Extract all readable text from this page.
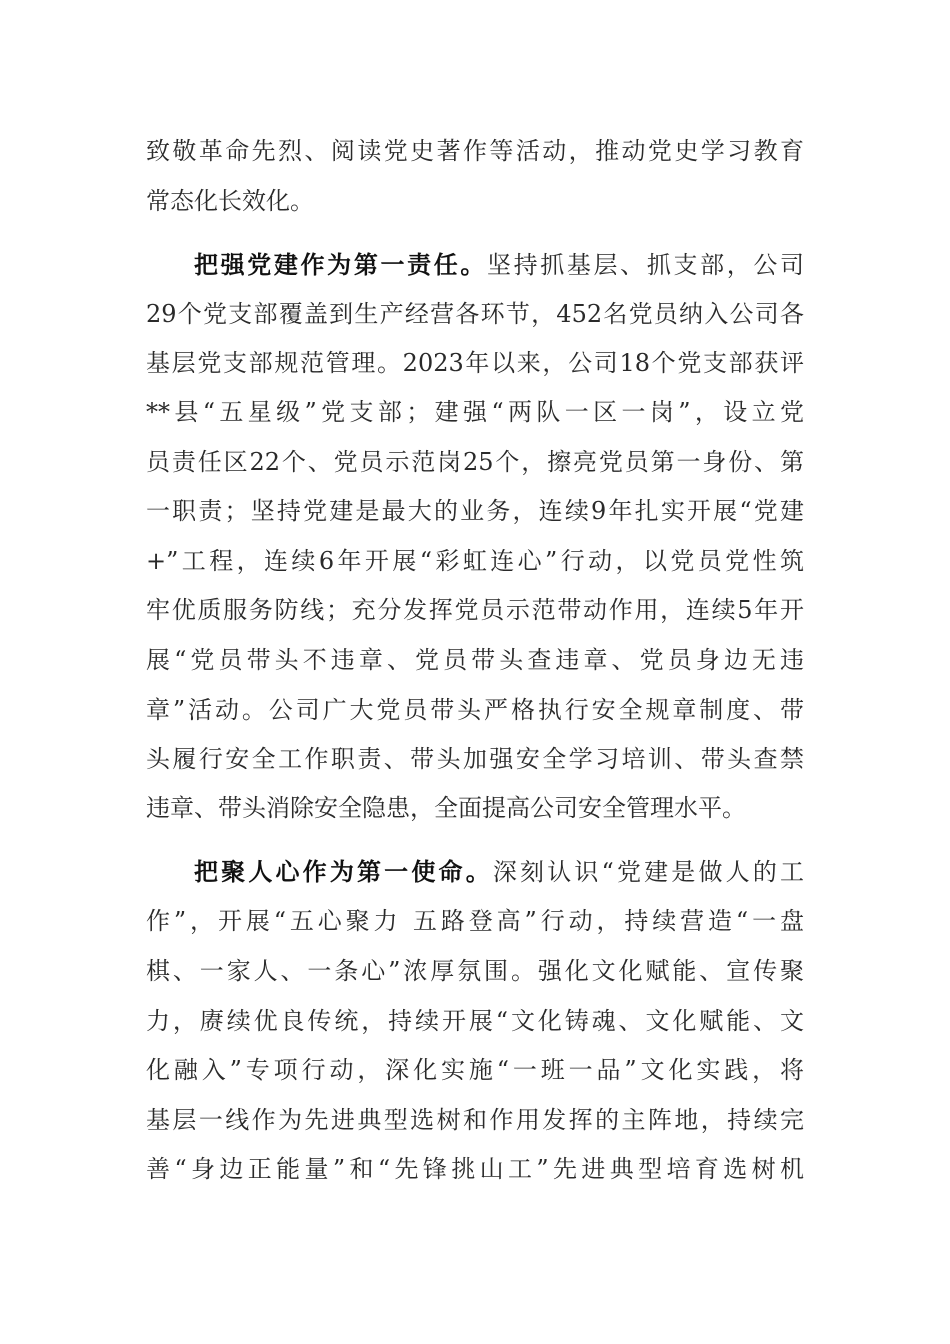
致敬革命先烈、阅读党史著作等活动，推动党史学习教育
常态化长效化。
把强党建作为第一责任。坚持抓基层、抓支部，公司
29个党支部覆盖到生产经营各环节，452名党员纳入公司各
基层党支部规范管理。2023年以来，公司18个党支部获评
**县“五星级”党支部；建强“两队一区一岗”，设立党
员责任区22个、党员示范岗25个，擦亮党员第一身份、第
一职责；坚持党建是最大的业务，连续9年扎实开展“党建
+”工程，连续6年开展“彩虹连心”行动，以党员党性筑
牢优质服务防线；充分发挥党员示范带动作用，连续5年开
展“党员带头不违章、党员带头查违章、党员身边无违
章”活动。公司广大党员带头严格执行安全规章制度、带
头履行安全工作职责、带头加强安全学习培训、带头查禁
违章、带头消除安全隐患，全面提高公司安全管理水平。
把聚人心作为第一使命。深刻认识“党建是做人的工
作”，开展“五心聚力 五路登高”行动，持续营造“一盘
棋、一家人、一条心”浓厚氛围。强化文化赋能、宣传聚
力，赓续优良传统，持续开展“文化铸魂、文化赋能、文
化融入”专项行动，深化实施“一班一品”文化实践，将
基层一线作为先进典型选树和作用发挥的主阵地，持续完
善“身边正能量”和“先锋挑山工”先进典型培育选树机
